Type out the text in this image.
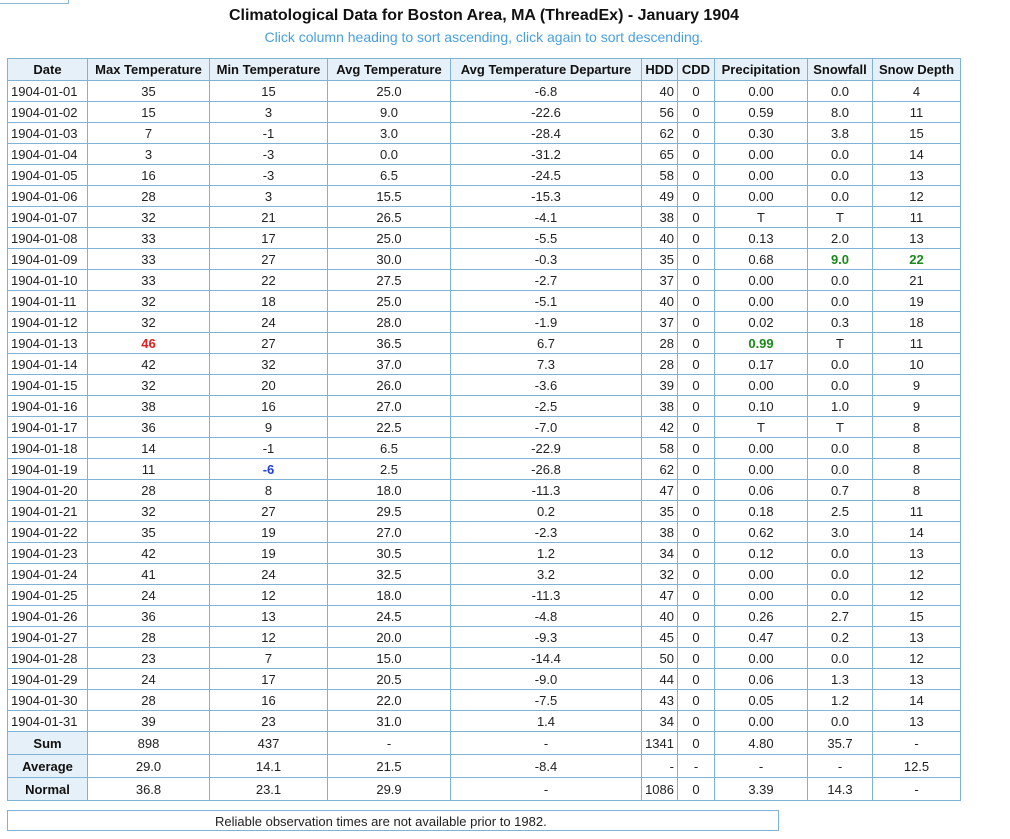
Climatological Data for Boston Area, MA (ThreadEx) - January 1904
Click column heading to sort ascending, click again to sort descending.
Date	Max Temperature	Min Temperature	Avg Temperature	Avg Temperature Departure	HDD	CDD	Precipitation	Snowfall	Snow Depth
1904-01-01	35	15	25.0	-6.8	40	0	0.00	0.0	4
1904-01-02	15	3	9.0	-22.6	56	0	0.59	8.0	11
1904-01-03	7	-1	3.0	-28.4	62	0	0.30	3.8	15
1904-01-04	3	-3	0.0	-31.2	65	0	0.00	0.0	14
1904-01-05	16	-3	6.5	-24.5	58	0	0.00	0.0	13
1904-01-06	28	3	15.5	-15.3	49	0	0.00	0.0	12
1904-01-07	32	21	26.5	-4.1	38	0	T	T	11
1904-01-08	33	17	25.0	-5.5	40	0	0.13	2.0	13
1904-01-09	33	27	30.0	-0.3	35	0	0.68	9.0	22
1904-01-10	33	22	27.5	-2.7	37	0	0.00	0.0	21
1904-01-11	32	18	25.0	-5.1	40	0	0.00	0.0	19
1904-01-12	32	24	28.0	-1.9	37	0	0.02	0.3	18
1904-01-13	46	27	36.5	6.7	28	0	0.99	T	11
1904-01-14	42	32	37.0	7.3	28	0	0.17	0.0	10
1904-01-15	32	20	26.0	-3.6	39	0	0.00	0.0	9
1904-01-16	38	16	27.0	-2.5	38	0	0.10	1.0	9
1904-01-17	36	9	22.5	-7.0	42	0	T	T	8
1904-01-18	14	-1	6.5	-22.9	58	0	0.00	0.0	8
1904-01-19	11	-6	2.5	-26.8	62	0	0.00	0.0	8
1904-01-20	28	8	18.0	-11.3	47	0	0.06	0.7	8
1904-01-21	32	27	29.5	0.2	35	0	0.18	2.5	11
1904-01-22	35	19	27.0	-2.3	38	0	0.62	3.0	14
1904-01-23	42	19	30.5	1.2	34	0	0.12	0.0	13
1904-01-24	41	24	32.5	3.2	32	0	0.00	0.0	12
1904-01-25	24	12	18.0	-11.3	47	0	0.00	0.0	12
1904-01-26	36	13	24.5	-4.8	40	0	0.26	2.7	15
1904-01-27	28	12	20.0	-9.3	45	0	0.47	0.2	13
1904-01-28	23	7	15.0	-14.4	50	0	0.00	0.0	12
1904-01-29	24	17	20.5	-9.0	44	0	0.06	1.3	13
1904-01-30	28	16	22.0	-7.5	43	0	0.05	1.2	14
1904-01-31	39	23	31.0	1.4	34	0	0.00	0.0	13
Sum	898	437	-	-	1341	0	4.80	35.7	-
Average	29.0	14.1	21.5	-8.4	-	-	-	-	12.5
Normal	36.8	23.1	29.9	-	1086	0	3.39	14.3	-
Reliable observation times are not available prior to 1982.
